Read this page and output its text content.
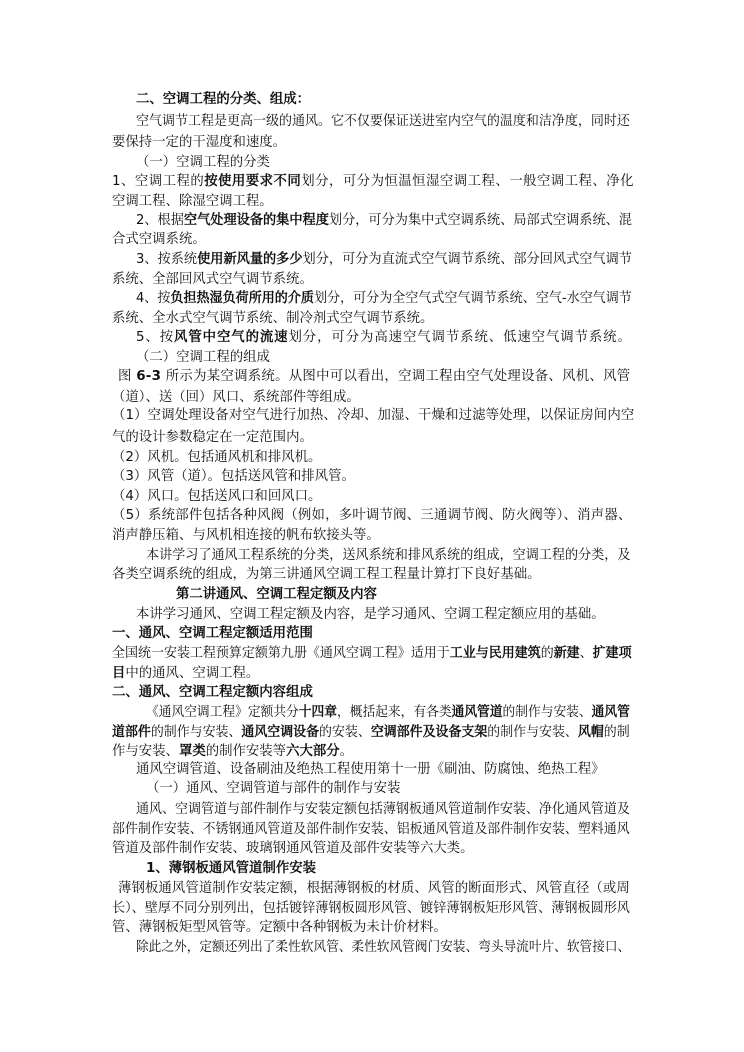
二、空调工程的分类、组成：
空气调节工程是更高一级的通风。它不仅要保证送进室内空气的温度和洁净度，同时还
要保持一定的干湿度和速度。
（一）空调工程的分类
1、空调工程的按使用要求不同划分，可分为恒温恒湿空调工程、一般空调工程、净化
空调工程、除湿空调工程。
2、根据空气处理设备的集中程度划分，可分为集中式空调系统、局部式空调系统、混
合式空调系统。
3、按系统使用新风量的多少划分，可分为直流式空气调节系统、部分回风式空气调节
系统、全部回风式空气调节系统。
4、按负担热湿负荷所用的介质划分，可分为全空气式空气调节系统、空气-水空气调节
系统、全水式空气调节系统、制冷剂式空气调节系统。
5、按风管中空气的流速划分，可分为高速空气调节系统、低速空气调节系统。
（二）空调工程的组成
图 6-3 所示为某空调系统。从图中可以看出，空调工程由空气处理设备、风机、风管
（道）、送（回）风口、系统部件等组成。
（1）空调处理设备对空气进行加热、冷却、加湿、干燥和过滤等处理，以保证房间内空
气的设计参数稳定在一定范围内。
（2）风机。包括通风机和排风机。
（3）风管（道）。包括送风管和排风管。
（4）风口。包括送风口和回风口。
（5）系统部件包括各种风阀（例如，多叶调节阀、三通调节阀、防火阀等）、消声器、
消声静压箱、与风机相连接的帆布软接头等。
本讲学习了通风工程系统的分类，送风系统和排风系统的组成，空调工程的分类，及
各类空调系统的组成，为第三讲通风空调工程工程量计算打下良好基础。
第二讲通风、空调工程定额及内容
本讲学习通风、空调工程定额及内容，是学习通风、空调工程定额应用的基础。
一、通风、空调工程定额适用范围
全国统一安装工程预算定额第九册《通风空调工程》适用于工业与民用建筑的新建、扩建项
目中的通风、空调工程。
二、通风、空调工程定额内容组成
《通风空调工程》定额共分十四章，概括起来，有各类通风管道的制作与安装、通风管
道部件的制作与安装、通风空调设备的安装、空调部件及设备支架的制作与安装、风帽的制
作与安装、罩类的制作安装等六大部分。
通风空调管道、设备刷油及绝热工程使用第十一册《刷油、防腐蚀、绝热工程》
（一）通风、空调管道与部件的制作与安装
通风、空调管道与部件制作与安装定额包括薄钢板通风管道制作安装、净化通风管道及
部件制作安装、不锈钢通风管道及部件制作安装、铝板通风管道及部件制作安装、塑料通风
管道及部件制作安装、玻璃钢通风管道及部件安装等六大类。
1、薄钢板通风管道制作安装
薄钢板通风管道制作安装定额，根据薄钢板的材质、风管的断面形式、风管直径（或周
长）、壁厚不同分别列出，包括镀锌薄钢板圆形风管、镀锌薄钢板矩形风管、薄钢板圆形风
管、薄钢板矩型风管等。定额中各种钢板为未计价材料。
除此之外，定额还列出了柔性软风管、柔性软风管阀门安装、弯头导流叶片、软管接口、
